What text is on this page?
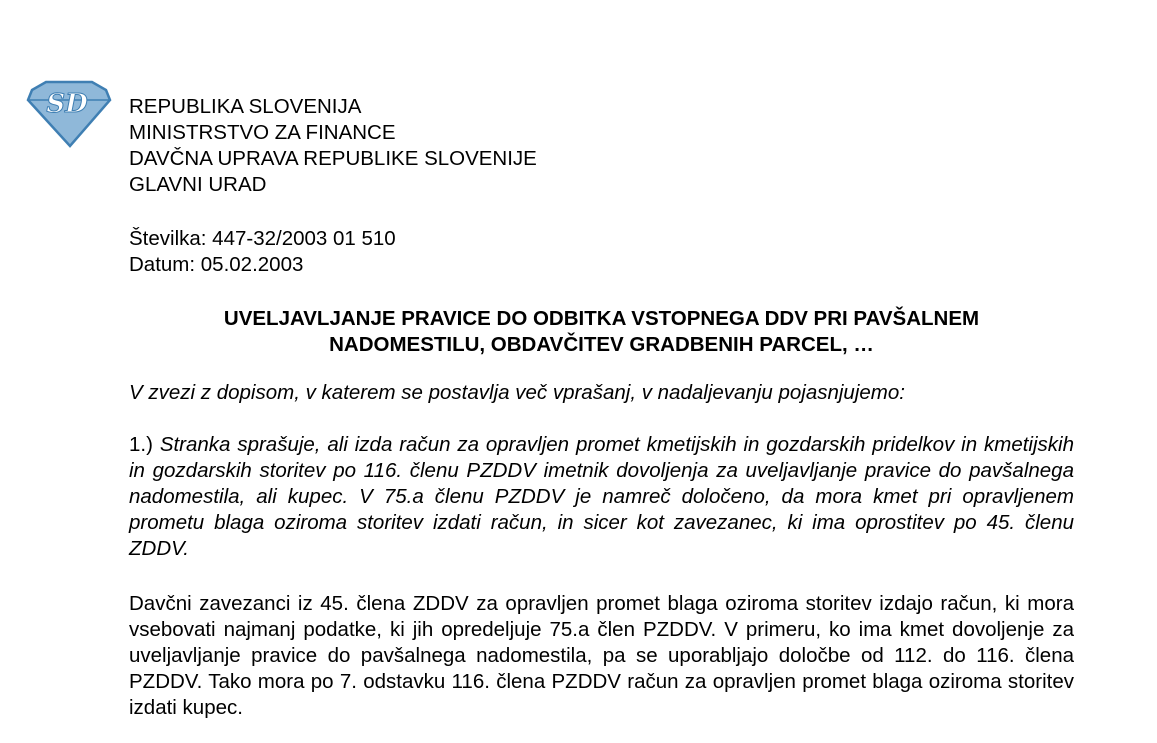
SD REPUBLIKA SLOVENIJA
MINISTRSTVO ZA FINANCE
DAVČNA UPRAVA REPUBLIKE SLOVENIJE
GLAVNI URAD
Številka: 447-32/2003 01 510
Datum: 05.02.2003
UVELJAVLJANJE PRAVICE DO ODBITKA VSTOPNEGA DDV PRI PAVŠALNEM
NADOMESTILU, OBDAVČITEV GRADBENIH PARCEL, …
V zvezi z dopisom, v katerem se postavlja več vprašanj, v nadaljevanju pojasnjujemo:
1.) Stranka sprašuje, ali izda račun za opravljen promet kmetijskih in gozdarskih pridelkov in kmetijskih in gozdarskih storitev po 116. členu PZDDV imetnik dovoljenja za uveljavljanje pravice do pavšalnega nadomestila, ali kupec. V 75.a členu PZDDV je namreč določeno, da mora kmet pri opravljenem prometu blaga oziroma storitev izdati račun, in sicer kot zavezanec, ki ima oprostitev po 45. členu ZDDV.
Davčni zavezanci iz 45. člena ZDDV za opravljen promet blaga oziroma storitev izdajo račun, ki mora vsebovati najmanj podatke, ki jih opredeljuje 75.a člen PZDDV. V primeru, ko ima kmet dovoljenje za uveljavljanje pravice do pavšalnega nadomestila, pa se uporabljajo določbe od 112. do 116. člena PZDDV. Tako mora po 7. odstavku 116. člena PZDDV račun za opravljen promet blaga oziroma storitev izdati kupec.
